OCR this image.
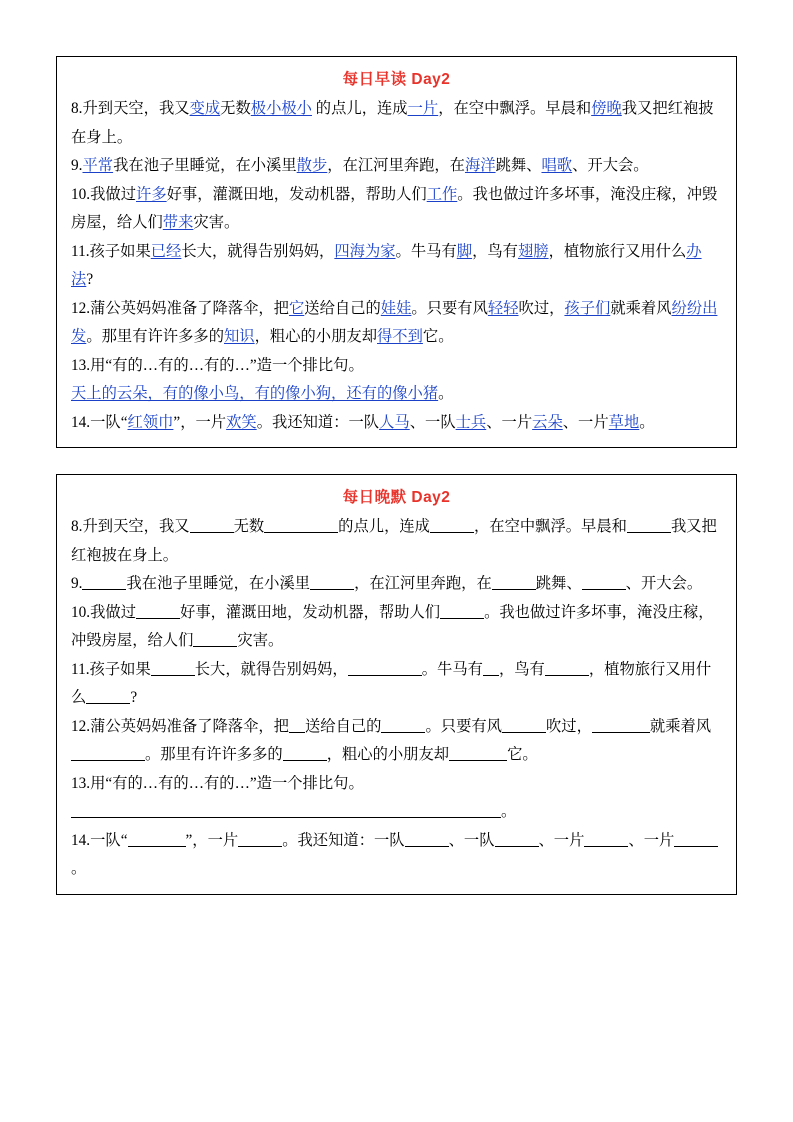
每日早读 Day2
8.升到天空，我又变成无数极小极小 的点儿，连成一片，在空中飘浮。早晨和傍晚我又把红袍披在身上。
9.平常我在池子里睡觉，在小溪里散步，在江河里奔跑，在海洋跳舞、唱歌、开大会。
10.我做过许多好事，灌溉田地，发动机器，帮助人们工作。我也做过许多坏事，淹没庄稼，冲毁房屋，给人们带来灾害。
11.孩子如果已经长大，就得告别妈妈，四海为家。牛马有脚，鸟有翅膀，植物旅行又用什么办法?
12.蒲公英妈妈准备了降落伞，把它送给自己的娃娃。只要有风轻轻吹过，孩子们就乘着风纷纷出发。那里有许许多多的知识，粗心的小朋友却得不到它。
13.用“有的…有的…有的…”造一个排比句。
天上的云朵，有的像小鸟，有的像小狗，还有的像小猪。
14.一队“红领巾”，一片欢笑。我还知道：一队人马、一队士兵、一片云朵、一片草地。
每日晚默 Day2
8.升到天空，我又	无数	的点儿，连成	，在空中飘浮。早晨和	我又把红袍披在身上。
9.	我在池子里睡觉，在小溪里	，在江河里奔跑，在	跳舞、	、开大会。
10.我做过	好事，灌溉田地，发动机器，帮助人们	。我也做过许多坏事，淹没庄稼，冲毁房屋，给人们	灾害。
11.孩子如果	长大，就得告别妈妈，	。牛马有 ，鸟有	，植物旅行又用什么	?
12.蒲公英妈妈准备了降落伞，把 送给自己的	。只要有风	吹过，	就乘着风。那里有许许多多的	，粗心的小朋友却	它。
13.用“有的…有的…有的…”造一个排比句。
。
14.一队“	”，一片	。我还知道：一队	、一队	、一片	、一片。
